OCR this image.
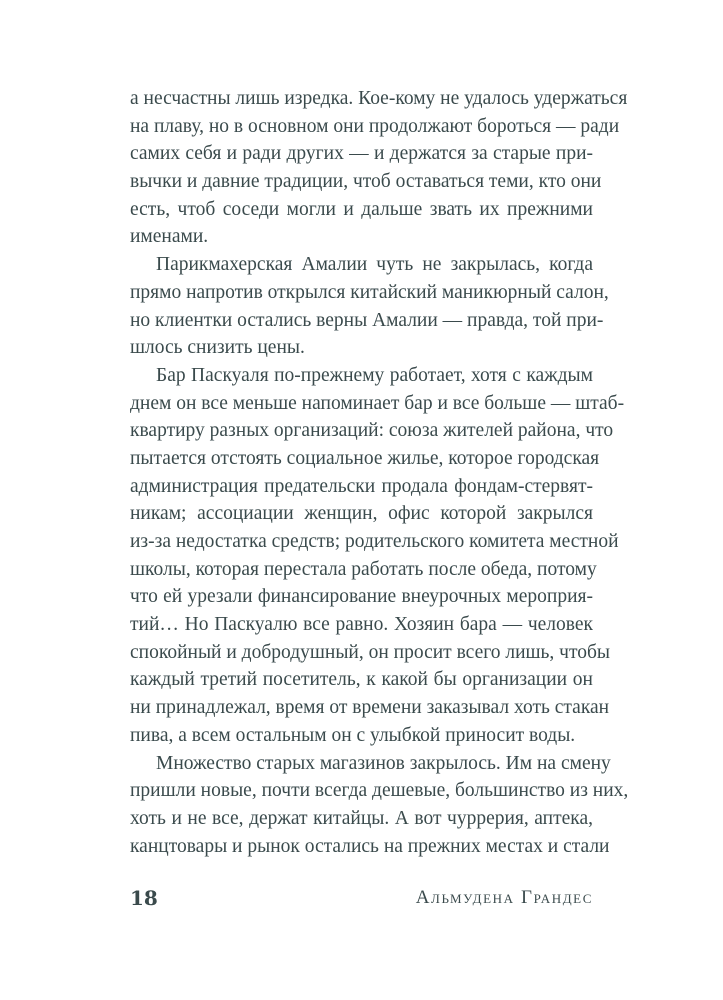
а несчастны лишь изредка. Кое-кому не удалось удержаться
на плаву, но в основном они продолжают бороться — ради
самих себя и ради других — и держатся за старые при-
вычки и давние традиции, чтоб оставаться теми, кто они
есть, чтоб соседи могли и дальше звать их прежними
именами.
Парикмахерская Амалии чуть не закрылась, когда
прямо напротив открылся китайский маникюрный салон,
но клиентки остались верны Амалии — правда, той при-
шлось снизить цены.
Бар Паскуаля по-прежнему работает, хотя с каждым
днем он все меньше напоминает бар и все больше — штаб-
квартиру разных организаций: союза жителей района, что
пытается отстоять социальное жилье, которое городская
администрация предательски продала фондам-стервят-
никам; ассоциации женщин, офис которой закрылся
из-за недостатка средств; родительского комитета местной
школы, которая перестала работать после обеда, потому
что ей урезали финансирование внеурочных мероприя-
тий… Но Паскуалю все равно. Хозяин бара — человек
спокойный и добродушный, он просит всего лишь, чтобы
каждый третий посетитель, к какой бы организации он
ни принадлежал, время от времени заказывал хоть стакан
пива, а всем остальным он с улыбкой приносит воды.
Множество старых магазинов закрылось. Им на смену
пришли новые, почти всегда дешевые, большинство из них,
хоть и не все, держат китайцы. А вот чуррерия, аптека,
канцтовары и рынок остались на прежних местах и стали
18	Альмудена Грандес
